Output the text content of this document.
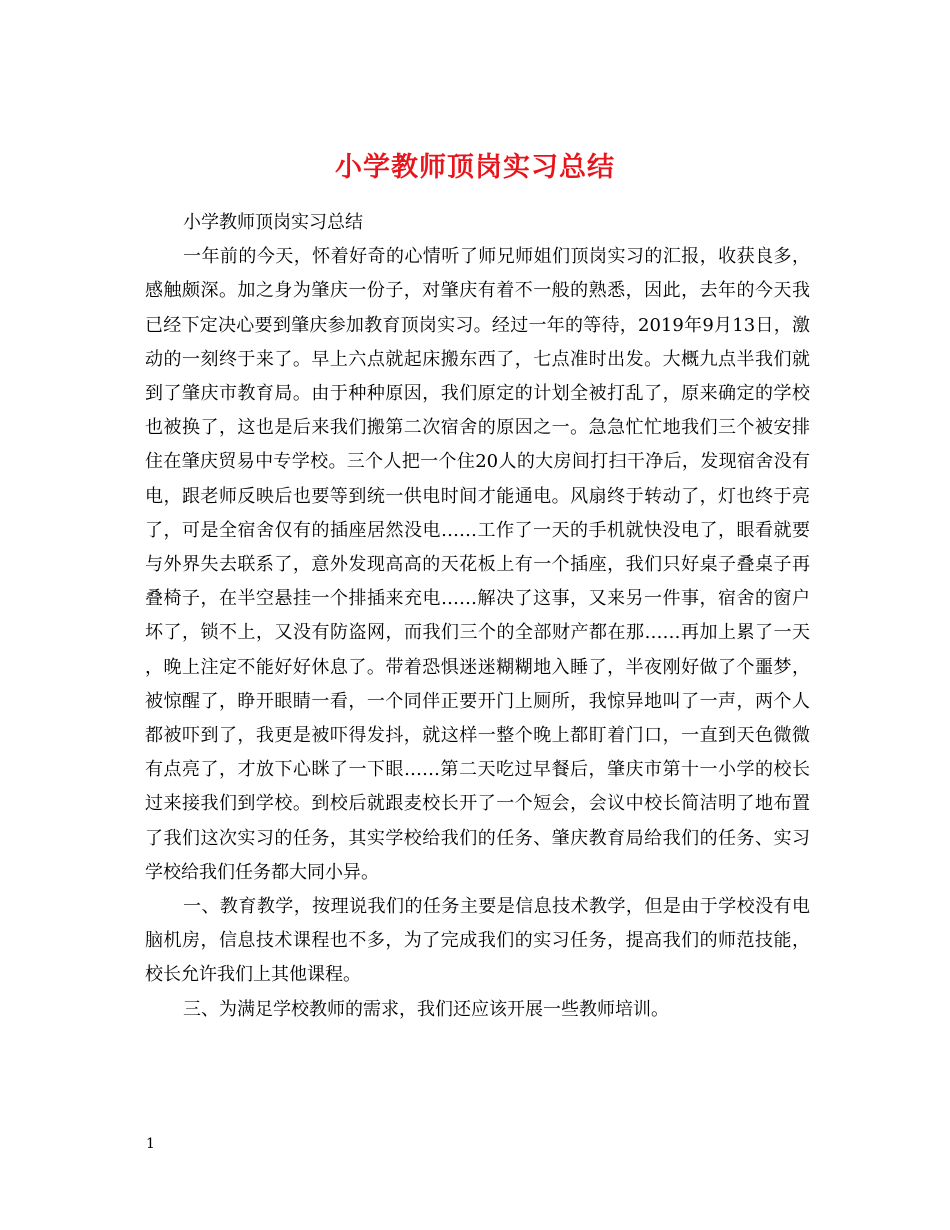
小学教师顶岗实习总结

小学教师顶岗实习总结

一年前的今天，怀着好奇的心情听了师兄师姐们顶岗实习的汇报，收获良多，感触颇深。加之身为肇庆一份子，对肇庆有着不一般的熟悉，因此，去年的今天我已经下定决心要到肇庆参加教育顶岗实习。经过一年的等待，2019年9月13日，激动的一刻终于来了。早上六点就起床搬东西了，七点准时出发。大概九点半我们就到了肇庆市教育局。由于种种原因，我们原定的计划全被打乱了，原来确定的学校也被换了，这也是后来我们搬第二次宿舍的原因之一。急急忙忙地我们三个被安排住在肇庆贸易中专学校。三个人把一个住20人的大房间打扫干净后，发现宿舍没有电，跟老师反映后也要等到统一供电时间才能通电。风扇终于转动了，灯也终于亮了，可是全宿舍仅有的插座居然没电……工作了一天的手机就快没电了，眼看就要与外界失去联系了，意外发现高高的天花板上有一个插座，我们只好桌子叠桌子再叠椅子，在半空悬挂一个排插来充电……解决了这事，又来另一件事，宿舍的窗户坏了，锁不上，又没有防盗网，而我们三个的全部财产都在那……再加上累了一天，晚上注定不能好好休息了。带着恐惧迷迷糊糊地入睡了，半夜刚好做了个噩梦，被惊醒了，睁开眼睛一看，一个同伴正要开门上厕所，我惊异地叫了一声，两个人都被吓到了，我更是被吓得发抖，就这样一整个晚上都盯着门口，一直到天色微微有点亮了，才放下心眯了一下眼……第二天吃过早餐后，肇庆市第十一小学的校长过来接我们到学校。到校后就跟麦校长开了一个短会，会议中校长简洁明了地布置了我们这次实习的任务，其实学校给我们的任务、肇庆教育局给我们的任务、实习学校给我们任务都大同小异。

一、教育教学，按理说我们的任务主要是信息技术教学，但是由于学校没有电脑机房，信息技术课程也不多，为了完成我们的实习任务，提高我们的师范技能，校长允许我们上其他课程。

三、为满足学校教师的需求，我们还应该开展一些教师培训。

1
